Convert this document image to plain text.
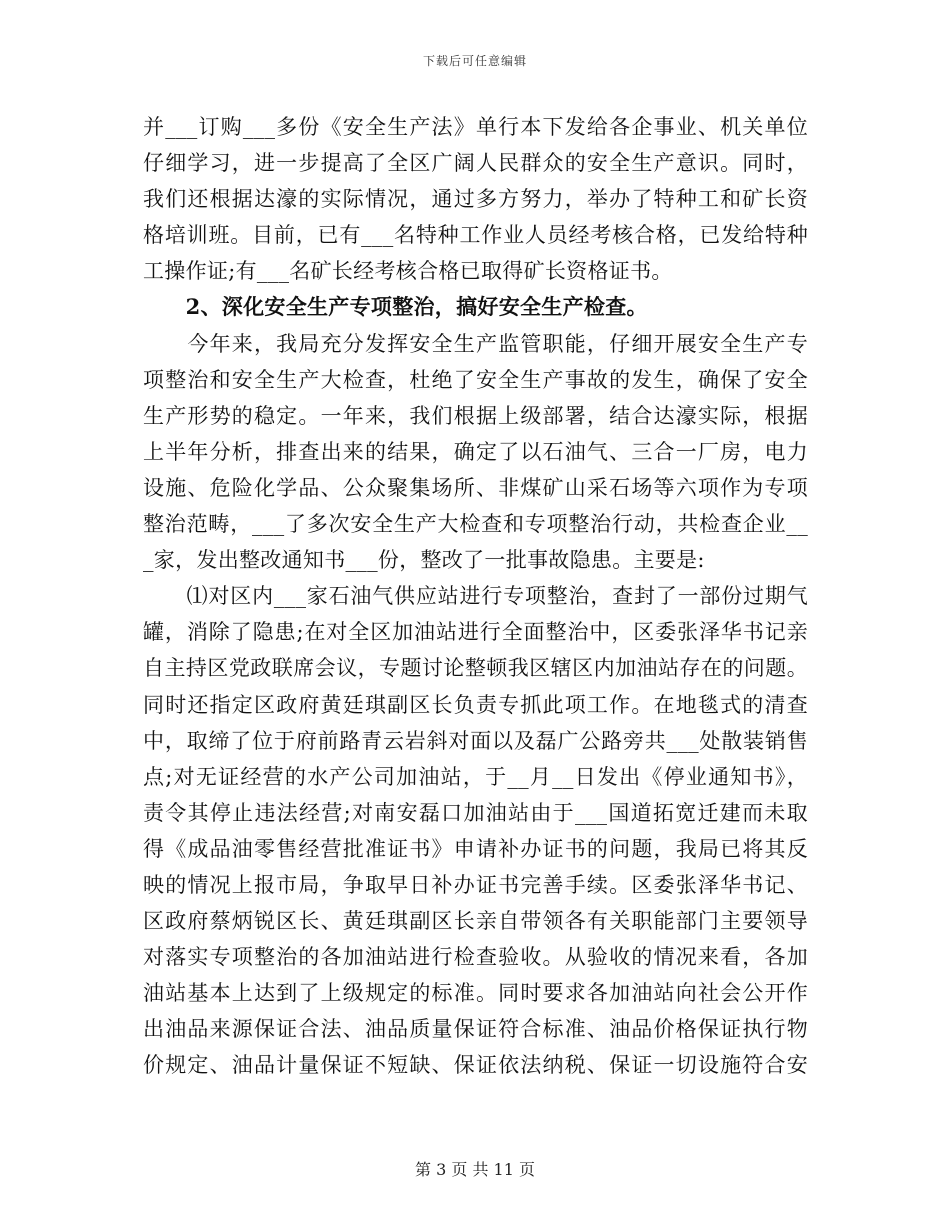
下载后可任意编辑
并___订购___多份《安全生产法》单行本下发给各企事业、机关单位
仔细学习，进一步提高了全区广阔人民群众的安全生产意识。同时，
我们还根据达濠的实际情况，通过多方努力，举办了特种工和矿长资
格培训班。目前，已有___名特种工作业人员经考核合格，已发给特种
工操作证;有___名矿长经考核合格已取得矿长资格证书。
　　2、深化安全生产专项整治，搞好安全生产检查。
　　今年来，我局充分发挥安全生产监管职能，仔细开展安全生产专
项整治和安全生产大检查，杜绝了安全生产事故的发生，确保了安全
生产形势的稳定。一年来，我们根据上级部署，结合达濠实际，根据
上半年分析，排查出来的结果，确定了以石油气、三合一厂房，电力
设施、危险化学品、公众聚集场所、非煤矿山采石场等六项作为专项
整治范畴，___了多次安全生产大检查和专项整治行动，共检查企业__
_家，发出整改通知书___份，整改了一批事故隐患。主要是:
　　⑴对区内___家石油气供应站进行专项整治，查封了一部份过期气
罐，消除了隐患;在对全区加油站进行全面整治中，区委张泽华书记亲
自主持区党政联席会议，专题讨论整顿我区辖区内加油站存在的问题。
同时还指定区政府黄廷琪副区长负责专抓此项工作。在地毯式的清查
中，取缔了位于府前路青云岩斜对面以及磊广公路旁共___处散装销售
点;对无证经营的水产公司加油站，于__月__日发出《停业通知书》，
责令其停止违法经营;对南安磊口加油站由于___国道拓宽迁建而未取
得《成品油零售经营批准证书》申请补办证书的问题，我局已将其反
映的情况上报市局，争取早日补办证书完善手续。区委张泽华书记、
区政府蔡炳锐区长、黄廷琪副区长亲自带领各有关职能部门主要领导
对落实专项整治的各加油站进行检查验收。从验收的情况来看，各加
油站基本上达到了上级规定的标准。同时要求各加油站向社会公开作
出油品来源保证合法、油品质量保证符合标准、油品价格保证执行物
价规定、油品计量保证不短缺、保证依法纳税、保证一切设施符合安
第 3 页 共 11 页
